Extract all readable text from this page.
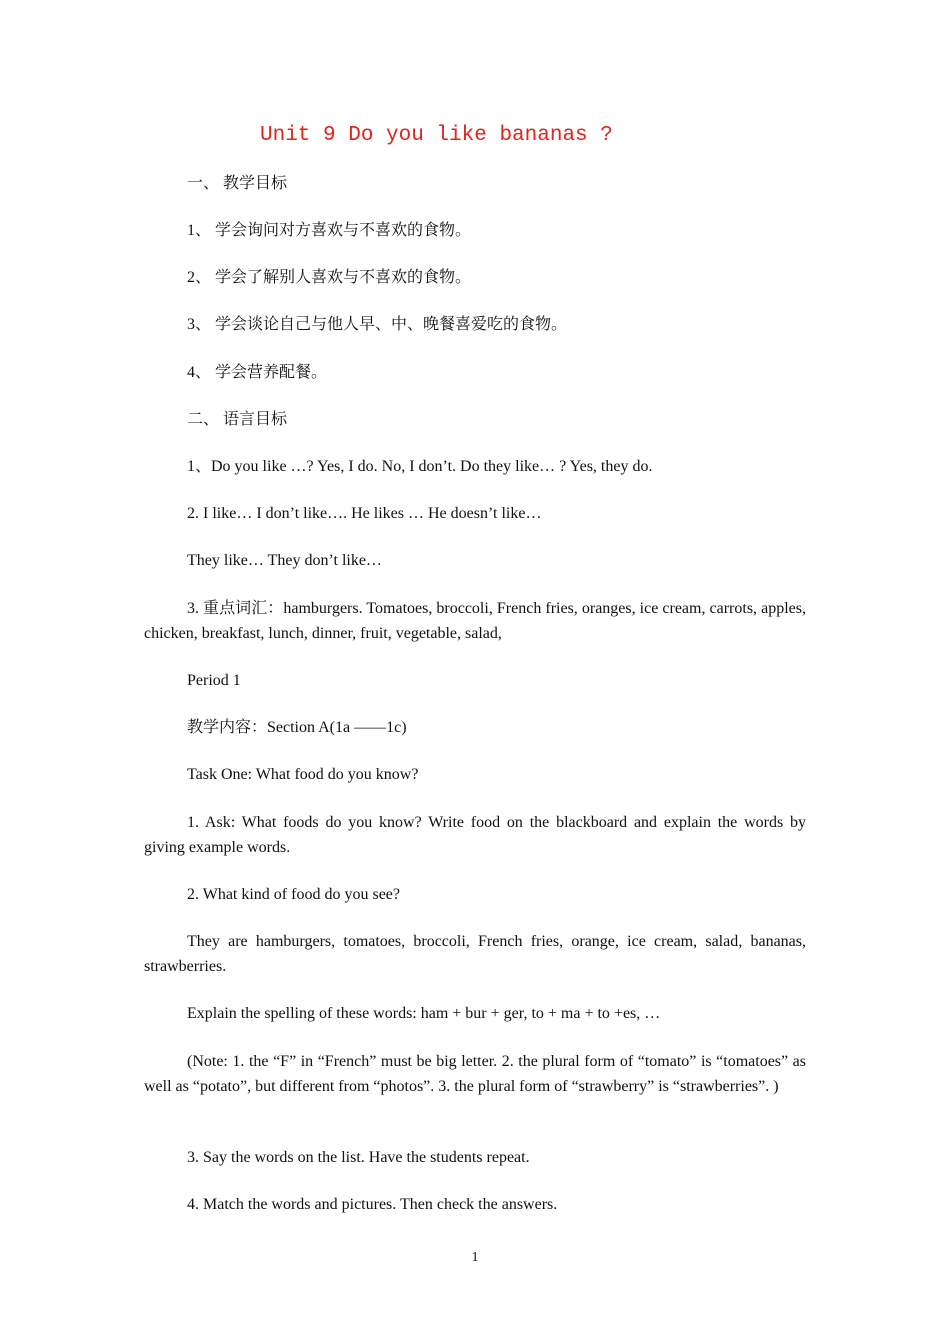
Unit 9 Do you like bananas ?
一、 教学目标
1、 学会询问对方喜欢与不喜欢的食物。
2、 学会了解别人喜欢与不喜欢的食物。
3、 学会谈论自己与他人早、中、晚餐喜爱吃的食物。
4、 学会营养配餐。
二、 语言目标
1、Do you like …? Yes, I do. No, I don’t. Do they like… ? Yes, they do.
2. I like… I don’t like…. He likes … He doesn’t like…
They like… They don’t like…
3. 重点词汇：hamburgers. Tomatoes, broccoli, French fries, oranges, ice cream, carrots, apples, chicken, breakfast, lunch, dinner, fruit, vegetable, salad,
Period 1
教学内容：Section A(1a ——1c)
Task One: What food do you know?
1. Ask: What foods do you know? Write food on the blackboard and explain the words by giving example words.
2. What kind of food do you see?
They are hamburgers, tomatoes, broccoli, French fries, orange, ice cream, salad, bananas, strawberries.
Explain the spelling of these words: ham + bur + ger, to + ma + to +es, …
(Note: 1. the “F” in “French” must be big letter. 2. the plural form of “tomato” is “tomatoes” as well as “potato”, but different from “photos”. 3. the plural form of “strawberry” is “strawberries”. )
3. Say the words on the list. Have the students repeat.
4. Match the words and pictures. Then check the answers.
1
